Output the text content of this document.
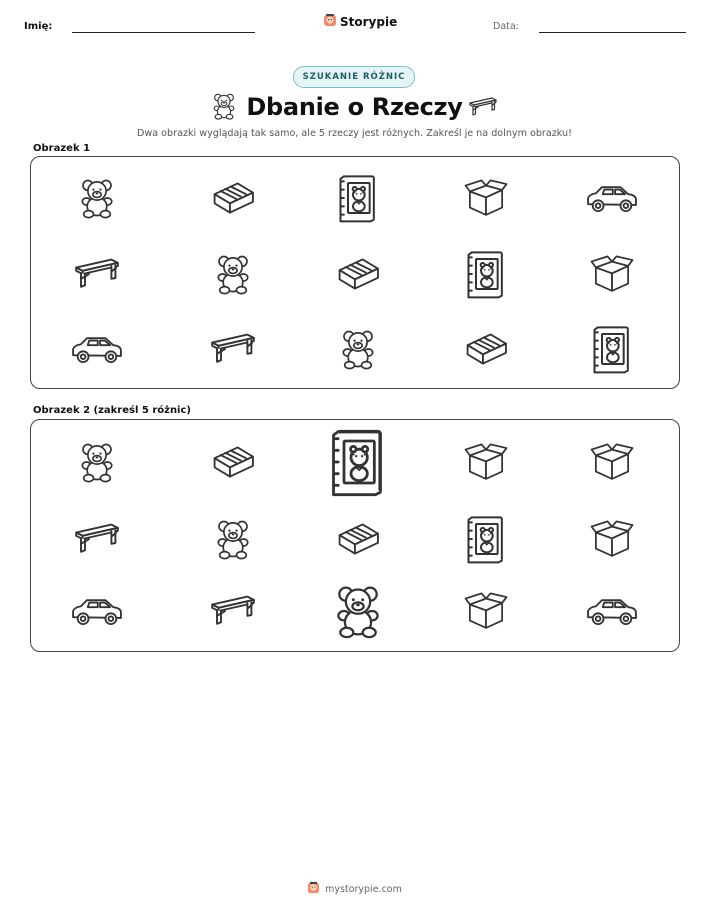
Imię:	Storypie	Data:
SZUKANIE RÓŻNIC
Dbanie o Rzeczy
Dwa obrazki wyglądają tak samo, ale 5 rzeczy jest różnych. Zakreśl je na dolnym obrazku!
Obrazek 1
Obrazek 2 (zakreśl 5 różnic)
mystorypie.com
